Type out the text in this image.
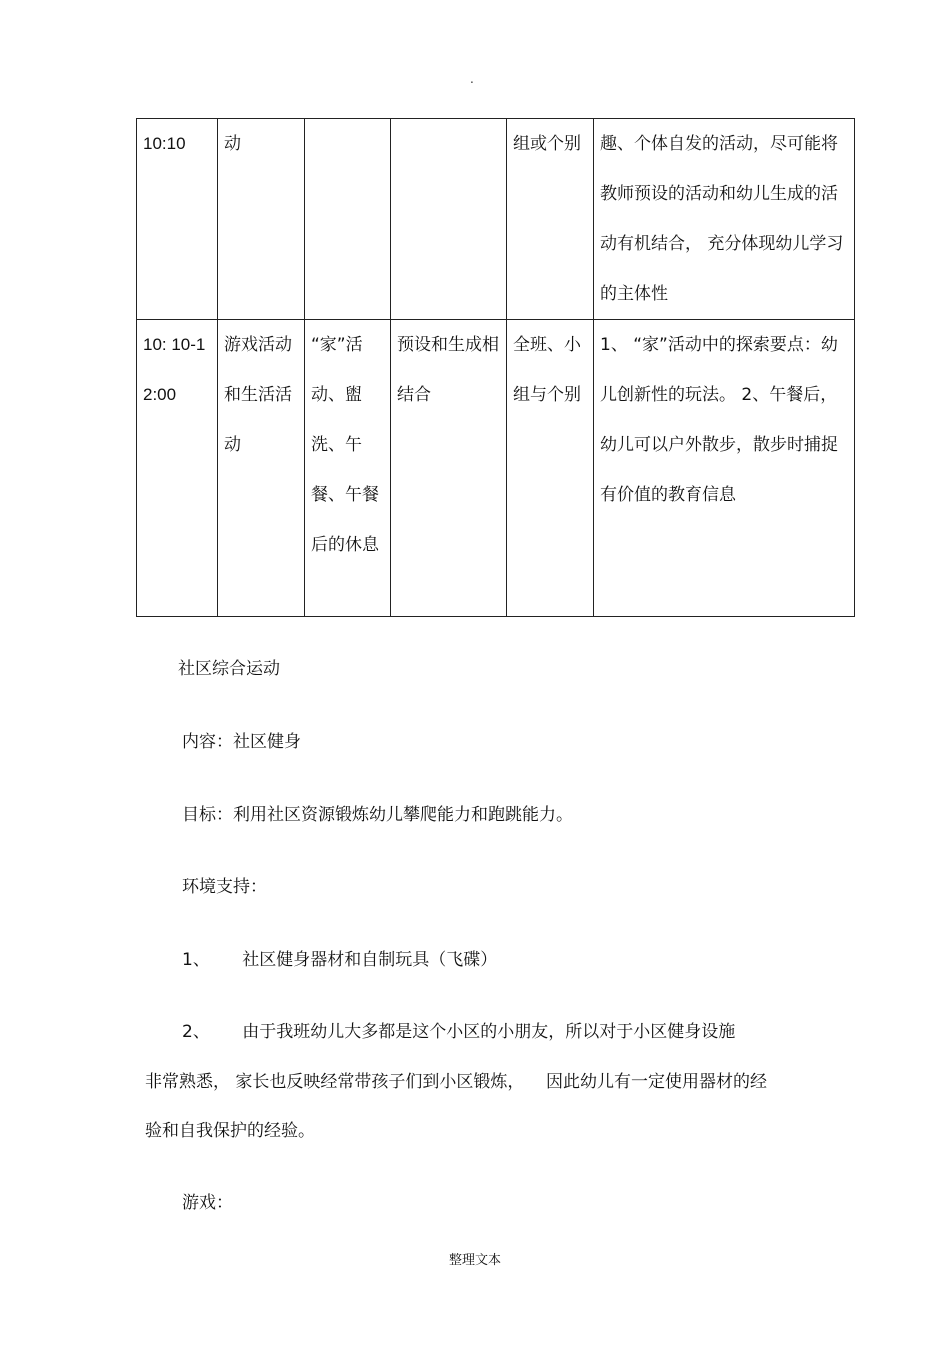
.
10:10	动			组或个别	趣、个体自发的活动，尽可能将教师预设的活动和幼儿生成的活动有机结合， 充分体现幼儿学习的主体性
10: 10-12:00	游戏活动和生活活动	“家”活动、盥洗、午餐、午餐后的休息	预设和生成相结合	全班、小组与个别	1、 “家”活动中的探索要点：幼儿创新性的玩法。 2、午餐后，幼儿可以户外散步，散步时捕捉有价值的教育信息
社区综合运动
内容：社区健身
目标：利用社区资源锻炼幼儿攀爬能力和跑跳能力。
环境支持：
1、      社区健身器材和自制玩具（飞碟）
2、      由于我班幼儿大多都是这个小区的小朋友，所以对于小区健身设施
非常熟悉， 家长也反映经常带孩子们到小区锻炼，    因此幼儿有一定使用器材的经
验和自我保护的经验。
游戏：
整理文本
